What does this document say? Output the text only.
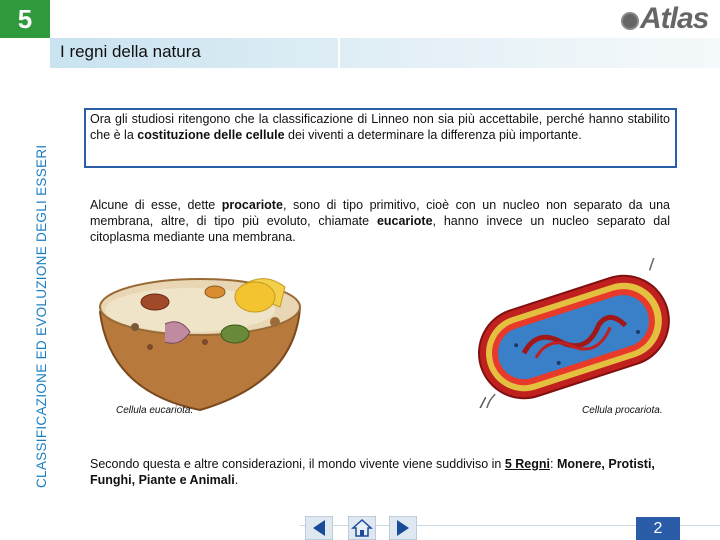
5	Atlas
CLASSIFICAZIONE ED EVOLUZIONE DEGLI ESSERI
I regni della natura
Ora gli studiosi ritengono che la classificazione di Linneo non sia più accettabile, perché hanno stabilito che è la costituzione delle cellule dei viventi a determinare la differenza più importante.
Alcune di esse, dette procariote, sono di tipo primitivo, cioè con un nucleo non separato da una membrana, altre, di tipo più evoluto, chiamate eucariote, hanno invece un nucleo separato dal citoplasma mediante una membrana.
Cellula eucariota.	Cellula procariota.
Secondo questa e altre considerazioni, il mondo vivente viene suddiviso in 5 Regni: Monere, Protisti, Funghi, Piante e Animali.
2
